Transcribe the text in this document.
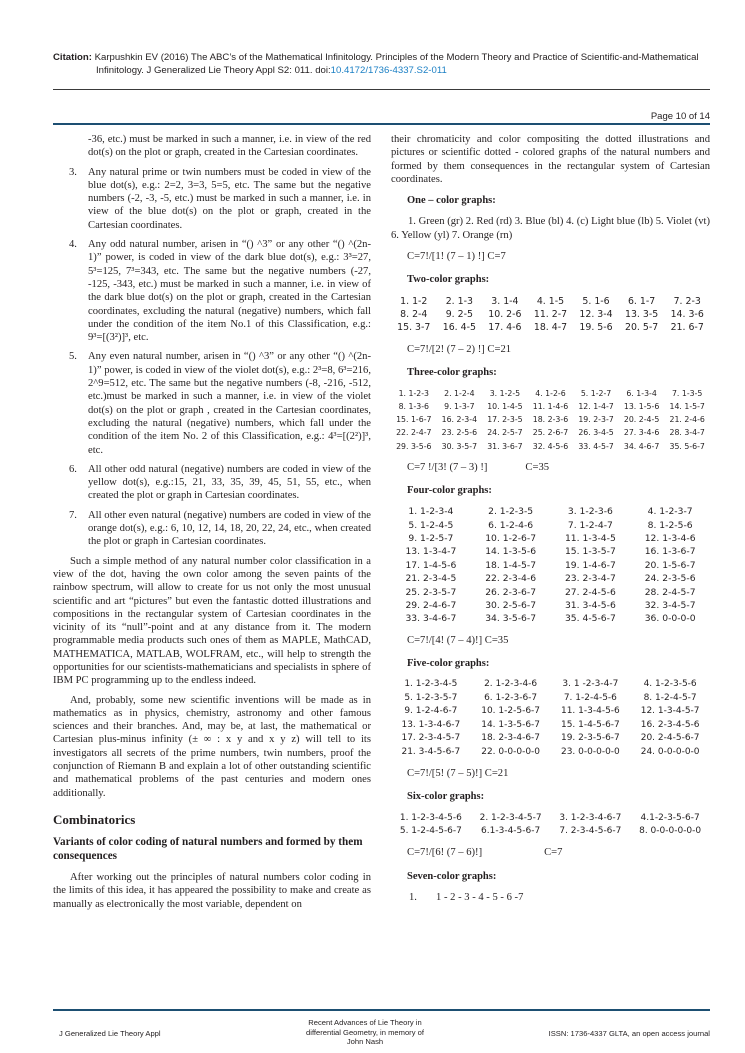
Citation: Karpushkin EV (2016) The ABC’s of the Mathematical Infinitology. Principles of the Modern Theory and Practice of Scientific-and-Mathematical
Infinitology. J Generalized Lie Theory Appl S2: 011. doi:10.4172/1736-4337.S2-011
Page 10 of 14

-36, etc.) must be marked in such a manner, i.e. in view of the red dot(s) on the plot or graph, created in the Cartesian coordinates.

3. Any natural prime or twin numbers must be coded in view of the blue dot(s), e.g.: 2=2, 3=3, 5=5, etc. The same but the negative numbers (-2, -3, -5, etc.) must be marked in such a manner, i.e. in view of the blue dot(s) on the plot or graph, created in the Cartesian coordinates.
4. Any odd natural number, arisen in “() ^3” or any other “() ^(2n-1)” power, is coded in view of the dark blue dot(s), e.g.: 3³=27, 5³=125, 7³=343, etc. The same but the negative numbers (-27, -125, -343, etc.) must be marked in such a manner, i.e. in view of the dark blue dot(s) on the plot or graph, created in the Cartesian coordinates, excluding the natural (negative) numbers, which fall under the condition of the item No.1 of this Classification, e.g.: 9³=[(3²)]³, etc.
5. Any even natural number, arisen in “() ^3” or any other “() ^(2n-1)” power, is coded in view of the violet dot(s), e.g.: 2³=8, 6³=216, 2^9=512, etc. The same but the negative numbers (-8, -216, -512, etc.)must be marked in such a manner, i.e. in view of the violet dot(s) on the plot or graph , created in the Cartesian coordinates, excluding the natural (negative) numbers, which fall under the condition of the item No. 2 of this Classification, e.g.: 4³=[(2²)]³, etc.
6. All other odd natural (negative) numbers are coded in view of the yellow dot(s), e.g.:15, 21, 33, 35, 39, 45, 51, 55, etc., when created the plot or graph in Cartesian coordinates.
7. All other even natural (negative) numbers are coded in view of the orange dot(s), e.g.: 6, 10, 12, 14, 18, 20, 22, 24, etc., when created the plot or graph in Cartesian coordinates.

Such a simple method of any natural number color classification in a view of the dot, having the own color among the seven paints of the rainbow spectrum, will allow to create for us not only the most unusual scientific and art “pictures” but even the fantastic dotted illustrations and compositions in the rectangular system of Cartesian coordinates in the vicinity of its “null”-point and at any distance from it. The modern programmable media products such ones of them as MAPLE, MathCAD, MATHEMATICA, MATLAB, WOLFRAM, etc., will help to strength the opportunities for our scientists-mathematicians and specialists in sphere of IBM PC programming up to the endless indeed.

And, probably, some new scientific inventions will be made as in mathematics as in physics, chemistry, astronomy and other famous sciences and their branches. And, may be, at last, the mathematical or Cartesian plus-minus infinity (± ∞ : x y and x y z) will tell to its investigators all secrets of the prime numbers, twin numbers, proof the conjunction of Riemann B and explain a lot of other outstanding scientific and mathematical problems of the past centuries and modern ones additionally.

Combinatorics
Variants of color coding of natural numbers and formed by them consequences

After working out the principles of natural numbers color coding in the limits of this idea, it has appeared the possibility to make and create as manually as electronically the most variable, dependent on

their chromaticity and color compositing the dotted illustrations and pictures or scientific dotted - colored graphs of the natural numbers and formed by them consequences in the rectangular system of Cartesian coordinates.

One – color graphs:

1. Green (gr) 2. Red (rd) 3. Blue (bl) 4. (c) Light blue (lb) 5. Violet (vt) 6. Yellow (yl) 7. Orange (rn)

C=7!/[1! (7 – 1) !] C=7
Two-color graphs:
1. 1-2	2. 1-3	3. 1-4	4. 1-5	5. 1-6	6. 1-7	7. 2-3
8. 2-4	9. 2-5	10. 2-6	11. 2-7	12. 3-4	13. 3-5	14. 3-6
15. 3-7	16. 4-5	17. 4-6	18. 4-7	19. 5-6	20. 5-7	21. 6-7
C=7!/[2! (7 – 2) !] C=21
Three-color graphs:
1. 1-2-3	2. 1-2-4	3. 1-2-5	4. 1-2-6	5. 1-2-7	6. 1-3-4	7. 1-3-5
8. 1-3-6	9. 1-3-7	10. 1-4-5	11. 1-4-6	12. 1-4-7	13. 1-5-6	14. 1-5-7
15. 1-6-7	16. 2-3-4	17. 2-3-5	18. 2-3-6	19. 2-3-7	20. 2-4-5	21. 2-4-6
22. 2-4-7	23. 2-5-6	24. 2-5-7	25. 2-6-7	26. 3-4-5	27. 3-4-6	28. 3-4-7
29. 3-5-6	30. 3-5-7	31. 3-6-7	32. 4-5-6	33. 4-5-7	34. 4-6-7	35. 5-6-7
C=7 !/[3! (7 – 3) !]	C=35
Four-color graphs:
1. 1-2-3-4	2. 1-2-3-5	3. 1-2-3-6	4. 1-2-3-7
5. 1-2-4-5	6. 1-2-4-6	7. 1-2-4-7	8. 1-2-5-6
9. 1-2-5-7	10. 1-2-6-7	11. 1-3-4-5	12. 1-3-4-6
13. 1-3-4-7	14. 1-3-5-6	15. 1-3-5-7	16. 1-3-6-7
17. 1-4-5-6	18. 1-4-5-7	19. 1-4-6-7	20. 1-5-6-7
21. 2-3-4-5	22. 2-3-4-6	23. 2-3-4-7	24. 2-3-5-6
25. 2-3-5-7	26. 2-3-6-7	27. 2-4-5-6	28. 2-4-5-7
29. 2-4-6-7	30. 2-5-6-7	31. 3-4-5-6	32. 3-4-5-7
33. 3-4-6-7	34. 3-5-6-7	35. 4-5-6-7	36. 0-0-0-0
C=7!/[4! (7 – 4)!] C=35
Five-color graphs:
1. 1-2-3-4-5	2. 1-2-3-4-6	3. 1 -2-3-4-7	4. 1-2-3-5-6
5. 1-2-3-5-7	6. 1-2-3-6-7	7. 1-2-4-5-6	8. 1-2-4-5-7
9. 1-2-4-6-7	10. 1-2-5-6-7	11. 1-3-4-5-6	12. 1-3-4-5-7
13. 1-3-4-6-7	14. 1-3-5-6-7	15. 1-4-5-6-7	16. 2-3-4-5-6
17. 2-3-4-5-7	18. 2-3-4-6-7	19. 2-3-5-6-7	20. 2-4-5-6-7
21. 3-4-5-6-7	22. 0-0-0-0-0	23. 0-0-0-0-0	24. 0-0-0-0-0
C=7!/[5! (7 – 5)!] C=21
Six-color graphs:
1. 1-2-3-4-5-6	2. 1-2-3-4-5-7	3. 1-2-3-4-6-7	4.1-2-3-5-6-7
5. 1-2-4-5-6-7	6.1-3-4-5-6-7	7. 2-3-4-5-6-7	8. 0-0-0-0-0-0
C=7!/[6! (7 – 6)!]	C=7
Seven-color graphs:
1. 1 - 2 - 3 - 4 - 5 - 6 -7
J Generalized Lie Theory Appl
Recent Advances of Lie Theory in
differential Geometry, in memory of
John Nash
ISSN: 1736-4337 GLTA, an open access journal
